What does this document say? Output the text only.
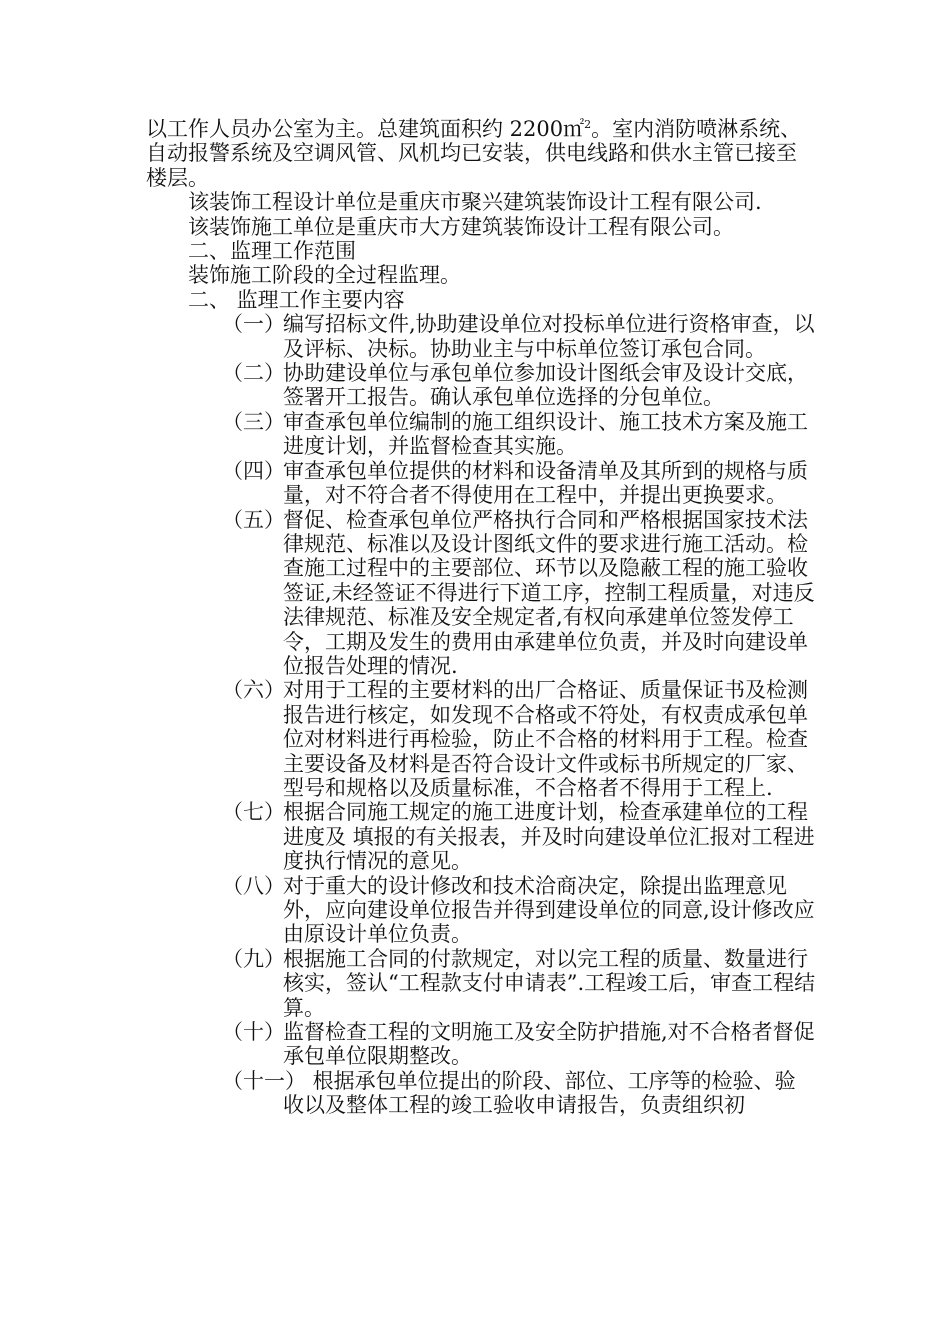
以工作人员办公室为主。总建筑面积约 2200㎡$^2$。室内消防喷淋系统、自动报警系统及空调风管、风机均已安装，供电线路和供水主管已接至楼层。

该装饰工程设计单位是重庆市聚兴建筑装饰设计工程有限公司.

该装饰施工单位是重庆市大方建筑装饰设计工程有限公司。

二、监理工作范围

装饰施工阶段的全过程监理。

二、 监理工作主要内容

（一）
编写招标文件,协助建设单位对投标单位进行资格审查，以及评标、决标。协助业主与中标单位签订承包合同。
（二）
协助建设单位与承包单位参加设计图纸会审及设计交底，签署开工报告。确认承包单位选择的分包单位。
（三）
审查承包单位编制的施工组织设计、施工技术方案及施工进度计划，并监督检查其实施。
（四）
审查承包单位提供的材料和设备清单及其所到的规格与质量，对不符合者不得使用在工程中，并提出更换要求。
（五）
督促、检查承包单位严格执行合同和严格根据国家技术法律规范、标准以及设计图纸文件的要求进行施工活动。检查施工过程中的主要部位、环节以及隐蔽工程的施工验收签证,未经签证不得进行下道工序，控制工程质量，对违反法律规范、标准及安全规定者,有权向承建单位签发停工令，工期及发生的费用由承建单位负责，并及时向建设单位报告处理的情况.
（六）
对用于工程的主要材料的出厂合格证、质量保证书及检测报告进行核定，如发现不合格或不符处，有权责成承包单位对材料进行再检验，防止不合格的材料用于工程。检查主要设备及材料是否符合设计文件或标书所规定的厂家、型号和规格以及质量标准，不合格者不得用于工程上.
（七）
根据合同施工规定的施工进度计划，检查承建单位的工程进度及 填报的有关报表，并及时向建设单位汇报对工程进度执行情况的意见。
（八）
对于重大的设计修改和技术洽商决定，除提出监理意见外，应向建设单位报告并得到建设单位的同意,设计修改应由原设计单位负责。
（九）
根据施工合同的付款规定，对以完工程的质量、数量进行核实，签认“工程款支付申请表”.工程竣工后，审查工程结算。
（十）
监督检查工程的文明施工及安全防护措施,对不合格者督促承包单位限期整改。

（十一） 根据承包单位提出的阶段、部位、工序等的检验、验收以及整体工程的竣工验收申请报告，负责组织初
